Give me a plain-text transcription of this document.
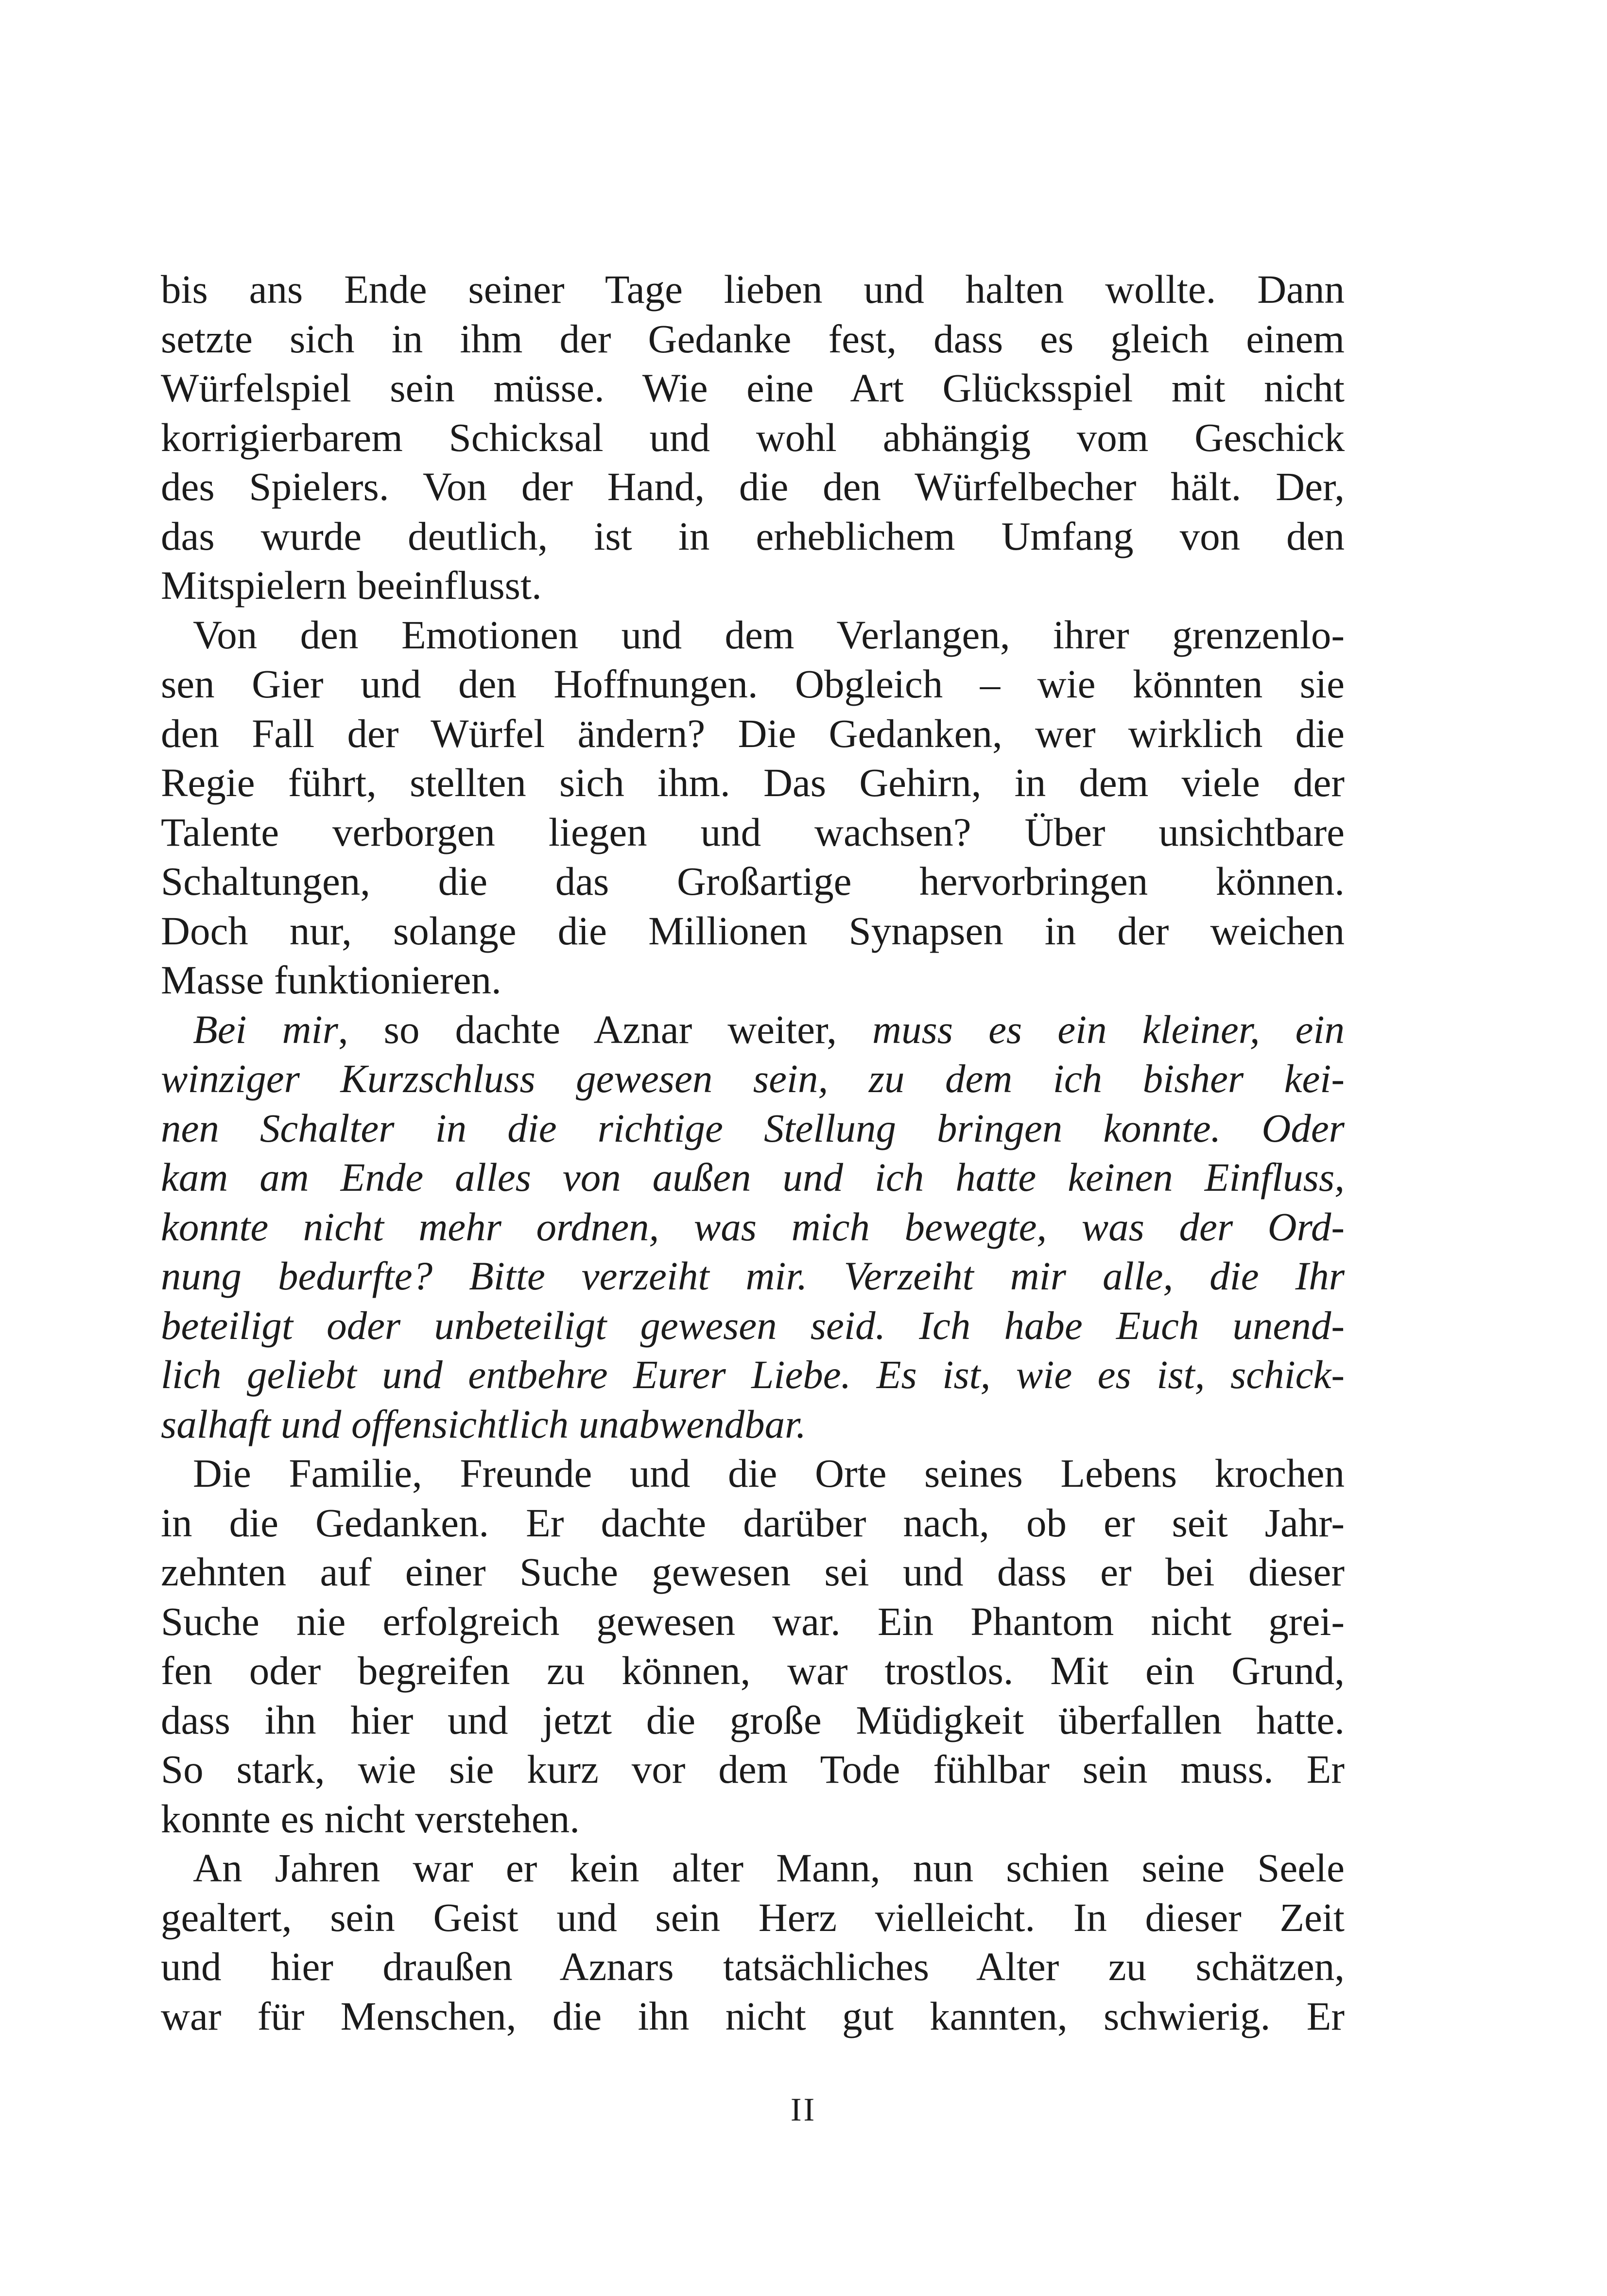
bis ans Ende seiner Tage lieben und halten wollte. Dann
setzte sich in ihm der Gedanke fest, dass es gleich einem
Würfelspiel sein müsse. Wie eine Art Glücksspiel mit nicht
korrigierbarem Schicksal und wohl abhängig vom Geschick
des Spielers. Von der Hand, die den Würfelbecher hält. Der,
das wurde deutlich, ist in erheblichem Umfang von den
Mitspielern beeinflusst.
Von den Emotionen und dem Verlangen, ihrer grenzenlo-
sen Gier und den Hoffnungen. Obgleich – wie könnten sie
den Fall der Würfel ändern? Die Gedanken, wer wirklich die
Regie führt, stellten sich ihm. Das Gehirn, in dem viele der
Talente verborgen liegen und wachsen? Über unsichtbare
Schaltungen, die das Großartige hervorbringen können.
Doch nur, solange die Millionen Synapsen in der weichen
Masse funktionieren.
Bei mir, so dachte Aznar weiter, muss es ein kleiner, ein
winziger Kurzschluss gewesen sein, zu dem ich bisher kei-
nen Schalter in die richtige Stellung bringen konnte. Oder
kam am Ende alles von außen und ich hatte keinen Einfluss,
konnte nicht mehr ordnen, was mich bewegte, was der Ord-
nung bedurfte? Bitte verzeiht mir. Verzeiht mir alle, die Ihr
beteiligt oder unbeteiligt gewesen seid. Ich habe Euch unend-
lich geliebt und entbehre Eurer Liebe. Es ist, wie es ist, schick-
salhaft und offensichtlich unabwendbar.
Die Familie, Freunde und die Orte seines Lebens krochen
in die Gedanken. Er dachte darüber nach, ob er seit Jahr-
zehnten auf einer Suche gewesen sei und dass er bei dieser
Suche nie erfolgreich gewesen war. Ein Phantom nicht grei-
fen oder begreifen zu können, war trostlos. Mit ein Grund,
dass ihn hier und jetzt die große Müdigkeit überfallen hatte.
So stark, wie sie kurz vor dem Tode fühlbar sein muss. Er
konnte es nicht verstehen.
An Jahren war er kein alter Mann, nun schien seine Seele
gealtert, sein Geist und sein Herz vielleicht. In dieser Zeit
und hier draußen Aznars tatsächliches Alter zu schätzen,
war für Menschen, die ihn nicht gut kannten, schwierig. Er
II
